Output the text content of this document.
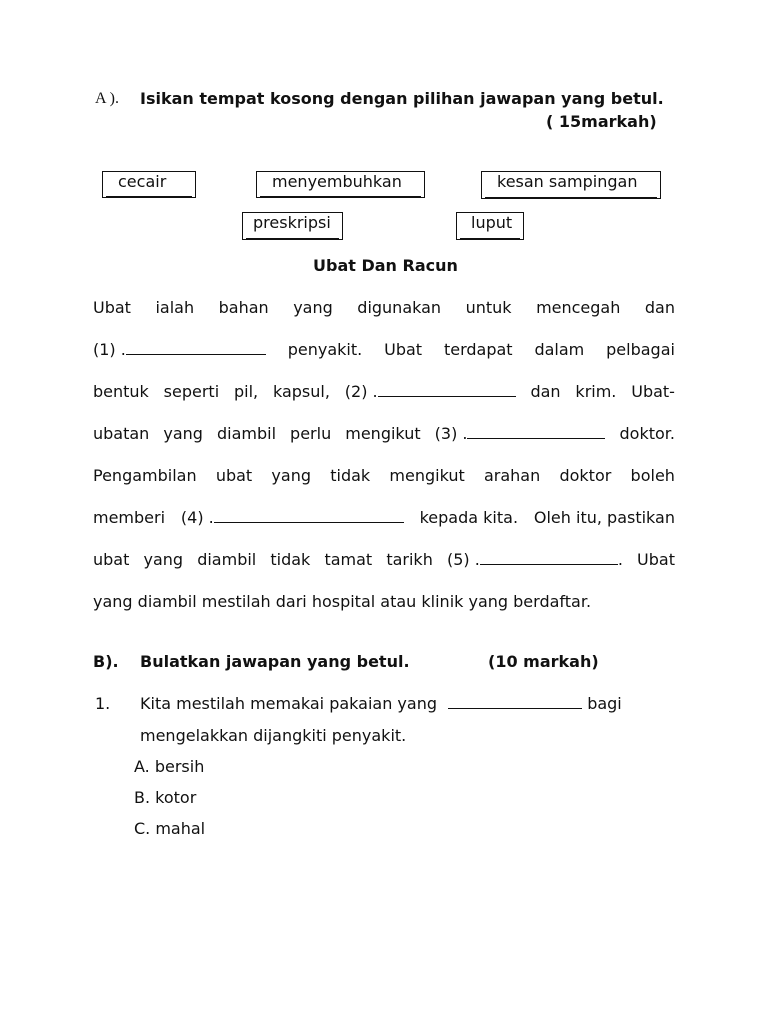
A ). Isikan tempat kosong dengan pilihan jawapan yang betul.
( 15markah)
cecair	menyembuhkan	kesan sampingan
preskripsi	luput
Ubat Dan Racun
Ubat ialah bahan yang digunakan untuk mencegah dan
(1) .	penyakit. Ubat terdapat dalam pelbagai
bentuk seperti pil, kapsul, (2) .	dan krim. Ubat-
ubatan yang diambil perlu mengikut (3) .	doktor.
Pengambilan ubat yang tidak mengikut arahan doktor boleh
memberi (4) .	kepada kita. Oleh itu, pastikan
ubat yang diambil tidak tamat tarikh (5) .	. Ubat
yang diambil mestilah dari hospital atau klinik yang berdaftar.
B). Bulatkan jawapan yang betul.	(10 markah)
1. Kita mestilah memakai pakaian yang	bagi
mengelakkan dijangkiti penyakit.
A. bersih
B. kotor
C. mahal
